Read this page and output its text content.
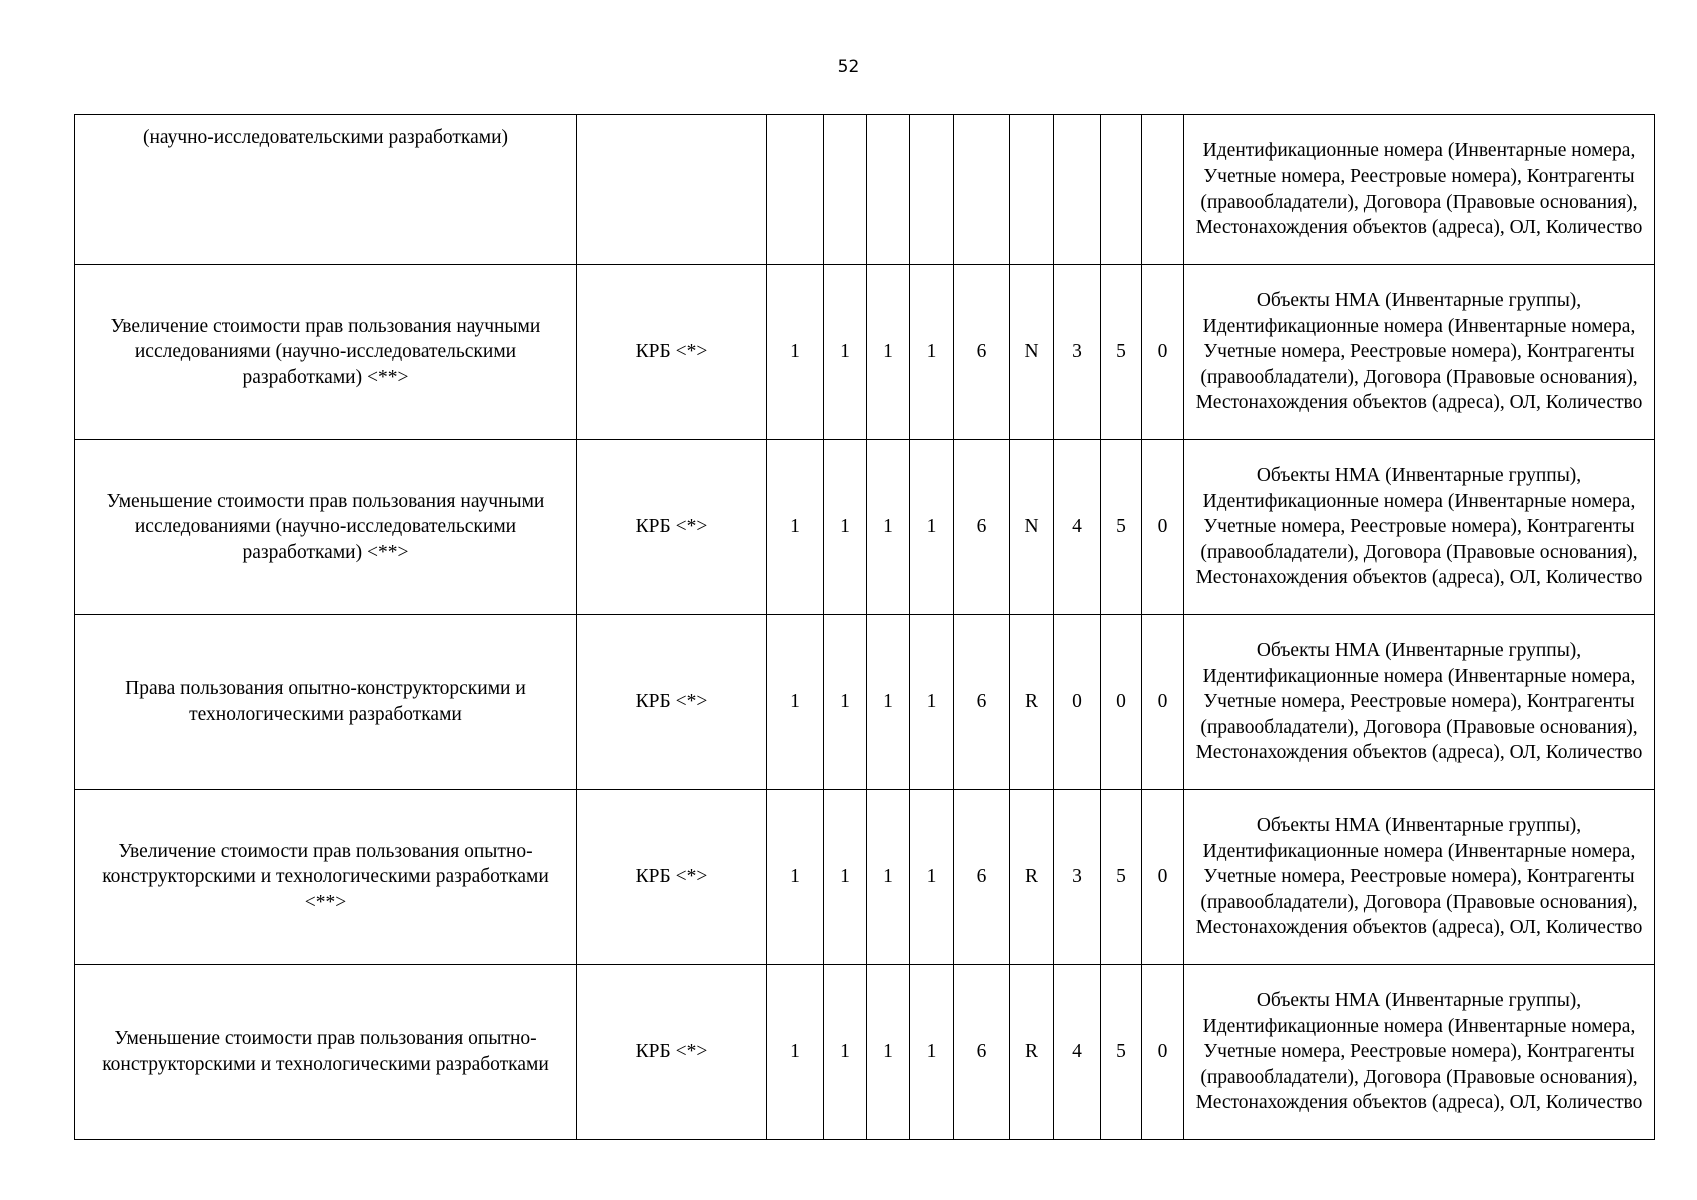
52
(научно-исследовательскими разработками)											Идентификационные номера (Инвентарные номера, Учетные номера, Реестровые номера), Контрагенты (правообладатели), Договора (Правовые основания), Местонахождения объектов (адреса), ОЛ, Количество
Увеличение стоимости прав пользования научными исследованиями (научно-исследовательскими разработками) <**>	КРБ <*>	1	1	1	1	6	N	3	5	0	Объекты НМА (Инвентарные группы), Идентификационные номера (Инвентарные номера, Учетные номера, Реестровые номера), Контрагенты (правообладатели), Договора (Правовые основания), Местонахождения объектов (адреса), ОЛ, Количество
Уменьшение стоимости прав пользования научными исследованиями (научно-исследовательскими разработками) <**>	КРБ <*>	1	1	1	1	6	N	4	5	0	Объекты НМА (Инвентарные группы), Идентификационные номера (Инвентарные номера, Учетные номера, Реестровые номера), Контрагенты (правообладатели), Договора (Правовые основания), Местонахождения объектов (адреса), ОЛ, Количество
Права пользования опытно-конструкторскими и технологическими разработками	КРБ <*>	1	1	1	1	6	R	0	0	0	Объекты НМА (Инвентарные группы), Идентификационные номера (Инвентарные номера, Учетные номера, Реестровые номера), Контрагенты (правообладатели), Договора (Правовые основания), Местонахождения объектов (адреса), ОЛ, Количество
Увеличение стоимости прав пользования опытно-конструкторскими и технологическими разработками <**>	КРБ <*>	1	1	1	1	6	R	3	5	0	Объекты НМА (Инвентарные группы), Идентификационные номера (Инвентарные номера, Учетные номера, Реестровые номера), Контрагенты (правообладатели), Договора (Правовые основания), Местонахождения объектов (адреса), ОЛ, Количество
Уменьшение стоимости прав пользования опытно-конструкторскими и технологическими разработками	КРБ <*>	1	1	1	1	6	R	4	5	0	Объекты НМА (Инвентарные группы), Идентификационные номера (Инвентарные номера, Учетные номера, Реестровые номера), Контрагенты (правообладатели), Договора (Правовые основания), Местонахождения объектов (адреса), ОЛ, Количество
